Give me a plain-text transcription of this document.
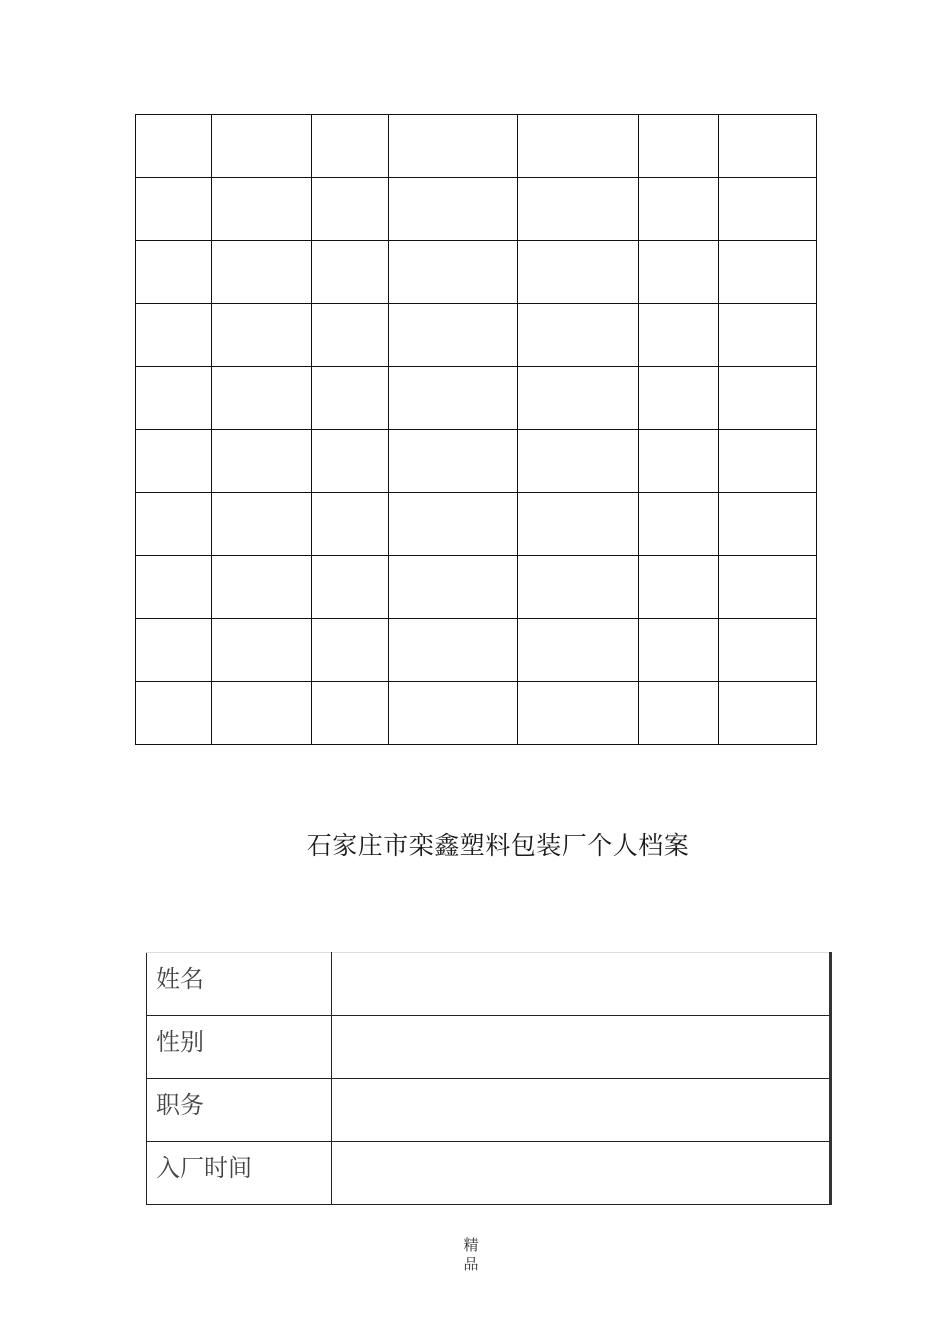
石家庄市栾鑫塑料包装厂个人档案
姓名	
性别	
职务	
入厂时间	
精
品
